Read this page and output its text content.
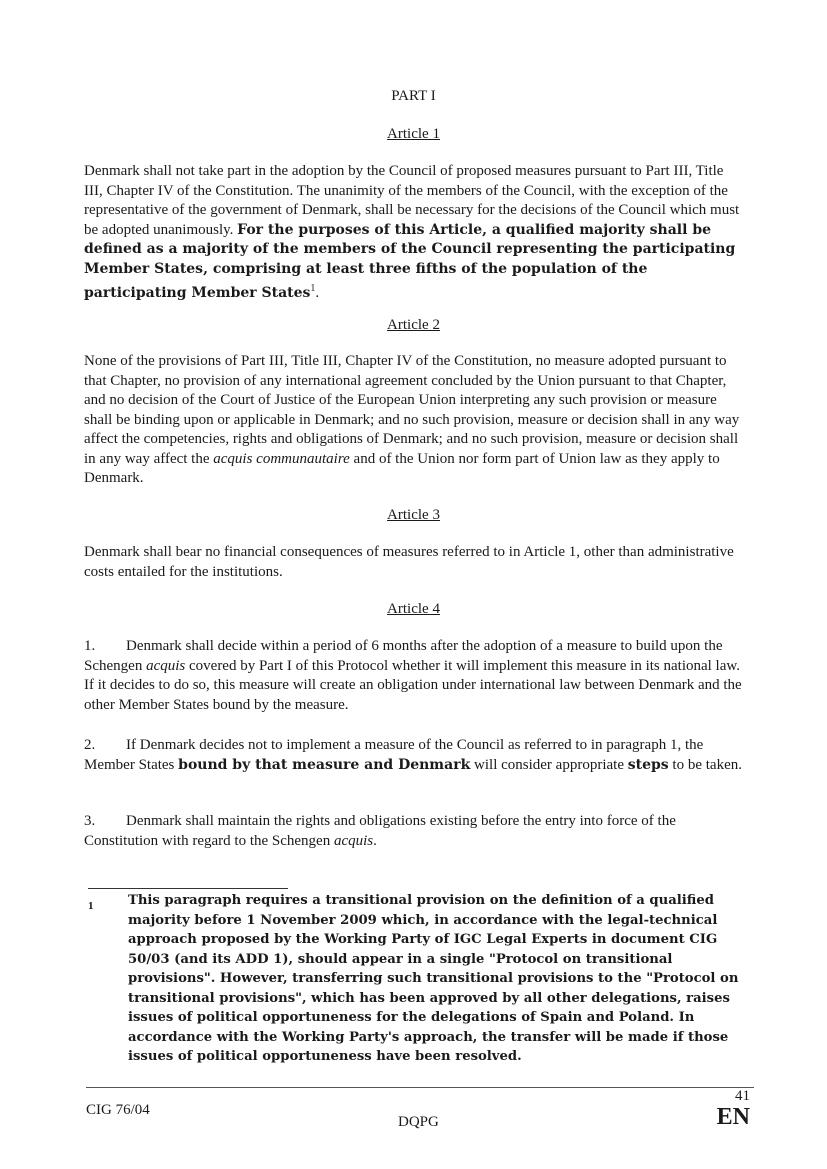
PART I
Article 1
Denmark shall not take part in the adoption by the Council of proposed measures pursuant to Part III, Title III, Chapter IV of the Constitution. The unanimity of the members of the Council, with the exception of the representative of the government of Denmark, shall be necessary for the decisions of the Council which must be adopted unanimously. For the purposes of this Article, a qualified majority shall be defined as a majority of the members of the Council representing the participating Member States, comprising at least three fifths of the population of the participating Member States$^1$.
Article 2
None of the provisions of Part III, Title III, Chapter IV of the Constitution, no measure adopted pursuant to that Chapter, no provision of any international agreement concluded by the Union pursuant to that Chapter, and no decision of the Court of Justice of the European Union interpreting any such provision or measure shall be binding upon or applicable in Denmark; and no such provision, measure or decision shall in any way affect the competencies, rights and obligations of Denmark; and no such provision, measure or decision shall in any way affect the acquis communautaire and of the Union nor form part of Union law as they apply to Denmark.
Article 3
Denmark shall bear no financial consequences of measures referred to in Article 1, other than administrative costs entailed for the institutions.
Article 4
1. Denmark shall decide within a period of 6 months after the adoption of a measure to build upon the Schengen acquis covered by Part I of this Protocol whether it will implement this measure in its national law. If it decides to do so, this measure will create an obligation under international law between Denmark and the other Member States bound by the measure.
2. If Denmark decides not to implement a measure of the Council as referred to in paragraph 1, the Member States bound by that measure and Denmark will consider appropriate steps to be taken.
3. Denmark shall maintain the rights and obligations existing before the entry into force of the Constitution with regard to the Schengen acquis.
1	This paragraph requires a transitional provision on the definition of a qualified majority before 1 November 2009 which, in accordance with the legal-technical approach proposed by the Working Party of IGC Legal Experts in document CIG 50/03 (and its ADD 1), should appear in a single "Protocol on transitional provisions". However, transferring such transitional provisions to the "Protocol on transitional provisions", which has been approved by all other delegations, raises issues of political opportuneness for the delegations of Spain and Poland. In accordance with the Working Party's approach, the transfer will be made if those issues of political opportuneness have been resolved.
CIG 76/04
DQPG
41
EN
